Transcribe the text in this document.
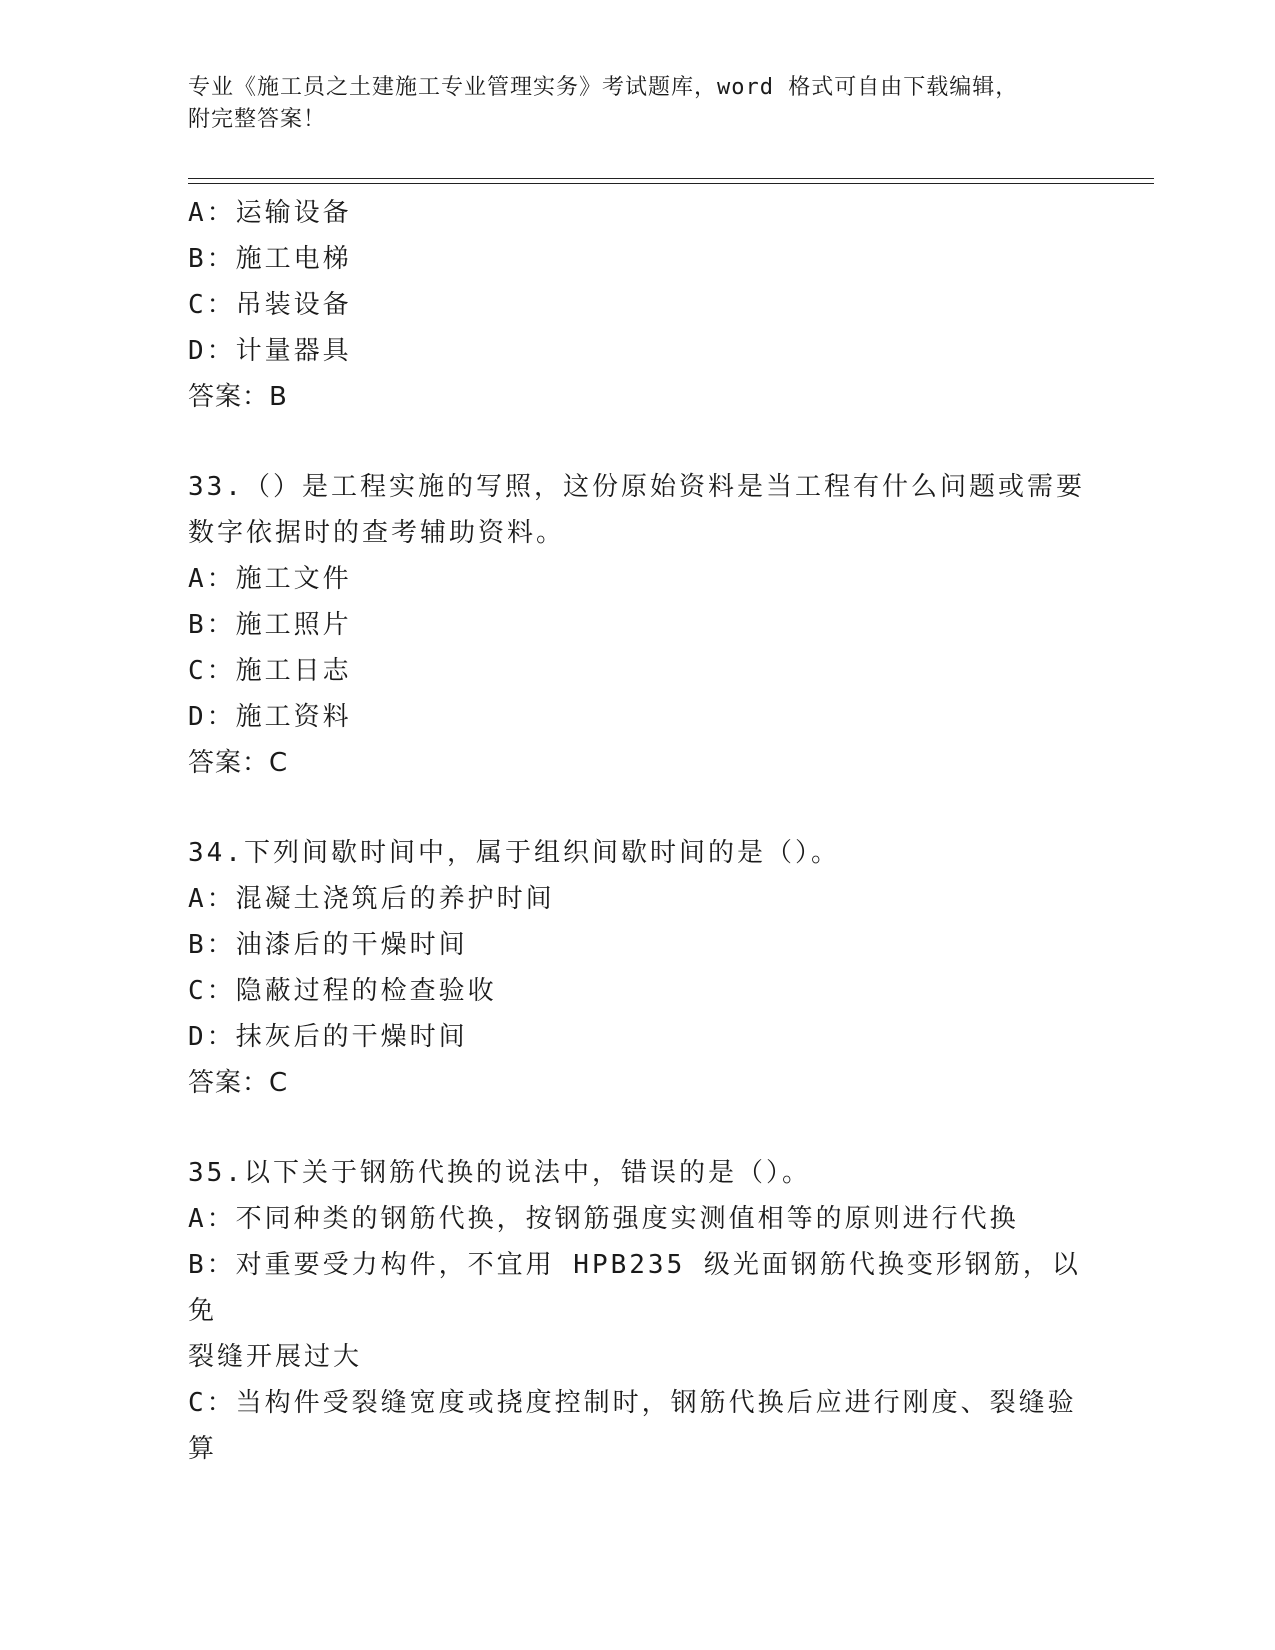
专业《施工员之土建施工专业管理实务》考试题库，word 格式可自由下载编辑，
附完整答案！
A：运输设备
B：施工电梯
C：吊装设备
D：计量器具
答案：B
33.（）是工程实施的写照，这份原始资料是当工程有什么问题或需要
数字依据时的查考辅助资料。
A：施工文件
B：施工照片
C：施工日志
D：施工资料
答案：C
34.下列间歇时间中，属于组织间歇时间的是（）。
A：混凝土浇筑后的养护时间
B：油漆后的干燥时间
C：隐蔽过程的检查验收
D：抹灰后的干燥时间
答案：C
35.以下关于钢筋代换的说法中，错误的是（）。
A：不同种类的钢筋代换，按钢筋强度实测值相等的原则进行代换
B：对重要受力构件，不宜用 HPB235 级光面钢筋代换变形钢筋，以免
裂缝开展过大
C：当构件受裂缝宽度或挠度控制时，钢筋代换后应进行刚度、裂缝验
算
